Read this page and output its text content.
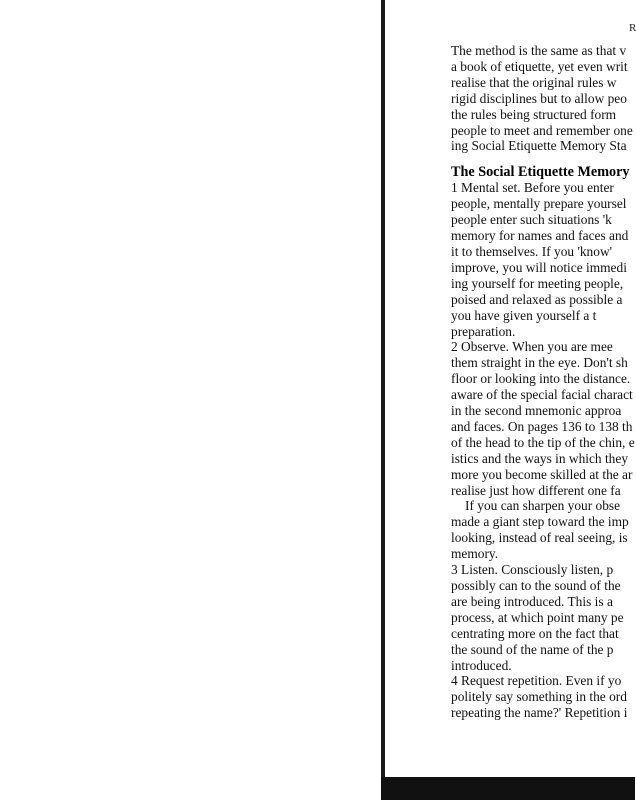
R
The method is the same as that v
a book of etiquette, yet even writ
realise that the original rules w
rigid disciplines but to allow peo
the rules being structured form
people to meet and remember one
ing Social Etiquette Memory Sta
The Social Etiquette Memory
1 Mental set. Before you enter
people, mentally prepare yoursel
people enter such situations 'k
memory for names and faces and
it to themselves. If you 'know'
improve, you will notice immedi
ing yourself for meeting people,
poised and relaxed as possible a
you have given yourself a t
preparation.
2 Observe. When you are mee
them straight in the eye. Don't sh
floor or looking into the distance.
aware of the special facial charact
in the second mnemonic approa
and faces. On pages 136 to 138 th
of the head to the tip of the chin, e
istics and the ways in which they
more you become skilled at the ar
realise just how different one fa
If you can sharpen your obse
made a giant step toward the imp
looking, instead of real seeing, is
memory.
3 Listen. Consciously listen, p
possibly can to the sound of the
are being introduced. This is a
process, at which point many pe
centrating more on the fact that
the sound of the name of the p
introduced.
4 Request repetition. Even if yo
politely say something in the ord
repeating the name?' Repetition i
